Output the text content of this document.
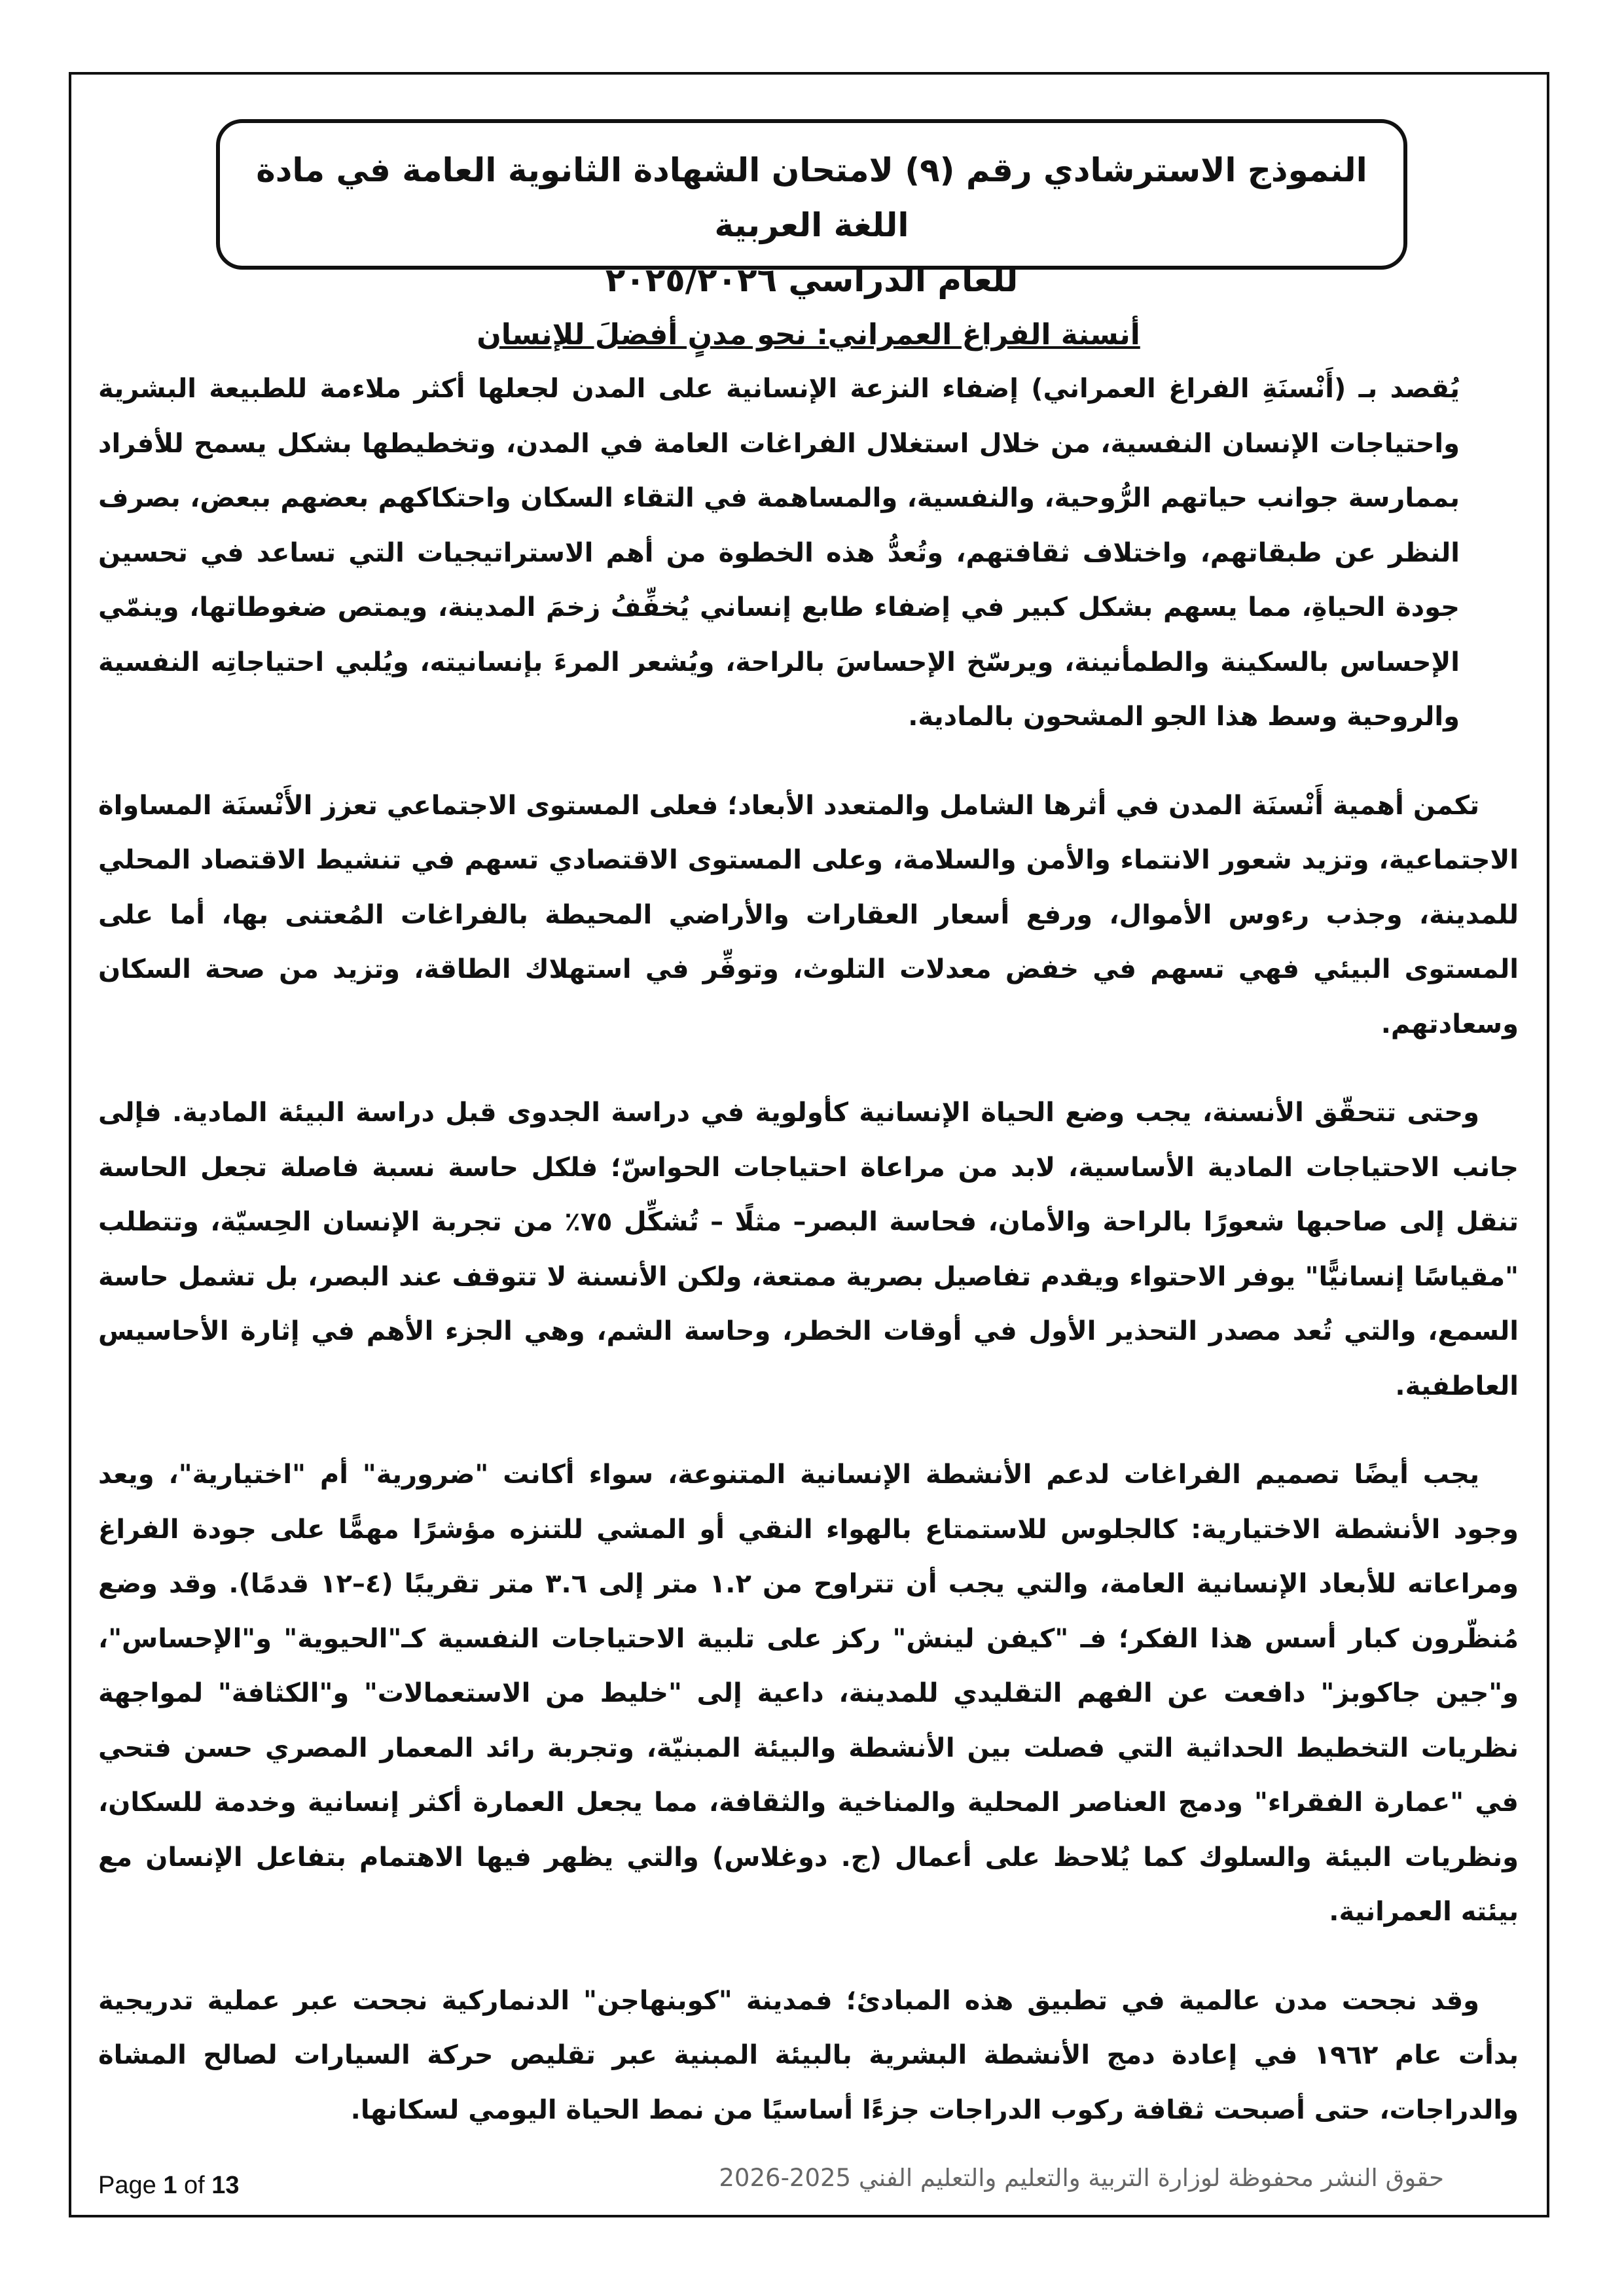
النموذج الاسترشادي رقم (٩) لامتحان الشهادة الثانوية العامة في مادة اللغة العربية
للعام الدراسي ٢٠٢٥/٢٠٢٦

أنسنة الفراغ العمراني: نحو مدنٍ أفضلَ للإنسان

يُقصد بـ (أَنْسنَةِ الفراغ العمراني) إضفاء النزعة الإنسانية على المدن لجعلها أكثر ملاءمة للطبيعة البشرية واحتياجات الإنسان النفسية، من خلال استغلال الفراغات العامة في المدن، وتخطيطها بشكل يسمح للأفراد بممارسة جوانب حياتهم الرُّوحية، والنفسية، والمساهمة في التقاء السكان واحتكاكهم بعضهم ببعض، بصرف النظر عن طبقاتهم، واختلاف ثقافتهم، وتُعدُّ هذه الخطوة من أهم الاستراتيجيات التي تساعد في تحسين جودة الحياةِ، مما يسهم بشكل كبير في إضفاء طابع إنساني يُخفِّفُ زخمَ المدينة، ويمتص ضغوطاتها، وينمّي الإحساس بالسكينة والطمأنينة، ويرسّخ الإحساسَ بالراحة، ويُشعر المرءَ بإنسانيته، ويُلبي احتياجاتِه النفسية والروحية وسط هذا الجو المشحون بالمادية.

تكمن أهمية أَنْسنَة المدن في أثرها الشامل والمتعدد الأبعاد؛ فعلى المستوى الاجتماعي تعزز الأَنْسنَة المساواة الاجتماعية، وتزيد شعور الانتماء والأمن والسلامة، وعلى المستوى الاقتصادي تسهم في تنشيط الاقتصاد المحلي للمدينة، وجذب رءوس الأموال، ورفع أسعار العقارات والأراضي المحيطة بالفراغات المُعتنى بها، أما على المستوى البيئي فهي تسهم في خفض معدلات التلوث، وتوفِّر في استهلاك الطاقة، وتزيد من صحة السكان وسعادتهم.

وحتى تتحقّق الأنسنة، يجب وضع الحياة الإنسانية كأولوية في دراسة الجدوى قبل دراسة البيئة المادية. فإلى جانب الاحتياجات المادية الأساسية، لابد من مراعاة احتياجات الحواسّ؛ فلكل حاسة نسبة فاصلة تجعل الحاسة تنقل إلى صاحبها شعورًا بالراحة والأمان، فحاسة البصر– مثلًا – تُشكِّل ٧٥٪ من تجربة الإنسان الحِسيّة، وتتطلب "مقياسًا إنسانيًّا" يوفر الاحتواء ويقدم تفاصيل بصرية ممتعة، ولكن الأنسنة لا تتوقف عند البصر، بل تشمل حاسة السمع، والتي تُعد مصدر التحذير الأول في أوقات الخطر، وحاسة الشم، وهي الجزء الأهم في إثارة الأحاسيس العاطفية.

يجب أيضًا تصميم الفراغات لدعم الأنشطة الإنسانية المتنوعة، سواء أكانت "ضرورية" أم "اختيارية"، ويعد وجود الأنشطة الاختيارية: كالجلوس للاستمتاع بالهواء النقي أو المشي للتنزه مؤشرًا مهمًّا على جودة الفراغ ومراعاته للأبعاد الإنسانية العامة، والتي يجب أن تتراوح من ١.٢ متر إلى ٣.٦ متر تقريبًا (٤–١٢ قدمًا). وقد وضع مُنظّرون كبار أسس هذا الفكر؛ فـ "كيفن لينش" ركز على تلبية الاحتياجات النفسية كـ"الحيوية" و"الإحساس"، و"جين جاكوبز" دافعت عن الفهم التقليدي للمدينة، داعية إلى "خليط من الاستعمالات" و"الكثافة" لمواجهة نظريات التخطيط الحداثية التي فصلت بين الأنشطة والبيئة المبنيّة، وتجربة رائد المعمار المصري حسن فتحي في "عمارة الفقراء" ودمج العناصر المحلية والمناخية والثقافة، مما يجعل العمارة أكثر إنسانية وخدمة للسكان، ونظريات البيئة والسلوك كما يُلاحظ على أعمال (ج. دوغلاس) والتي يظهر فيها الاهتمام بتفاعل الإنسان مع بيئته العمرانية.

وقد نجحت مدن عالمية في تطبيق هذه المبادئ؛ فمدينة "كوبنهاجن" الدنماركية نجحت عبر عملية تدريجية بدأت عام ١٩٦٢ في إعادة دمج الأنشطة البشرية بالبيئة المبنية عبر تقليص حركة السيارات لصالح المشاة والدراجات، حتى أصبحت ثقافة ركوب الدراجات جزءًا أساسيًا من نمط الحياة اليومي لسكانها.

Page 1 of 13	حقوق النشر محفوظة لوزارة التربية والتعليم والتعليم الفني 2025-2026
